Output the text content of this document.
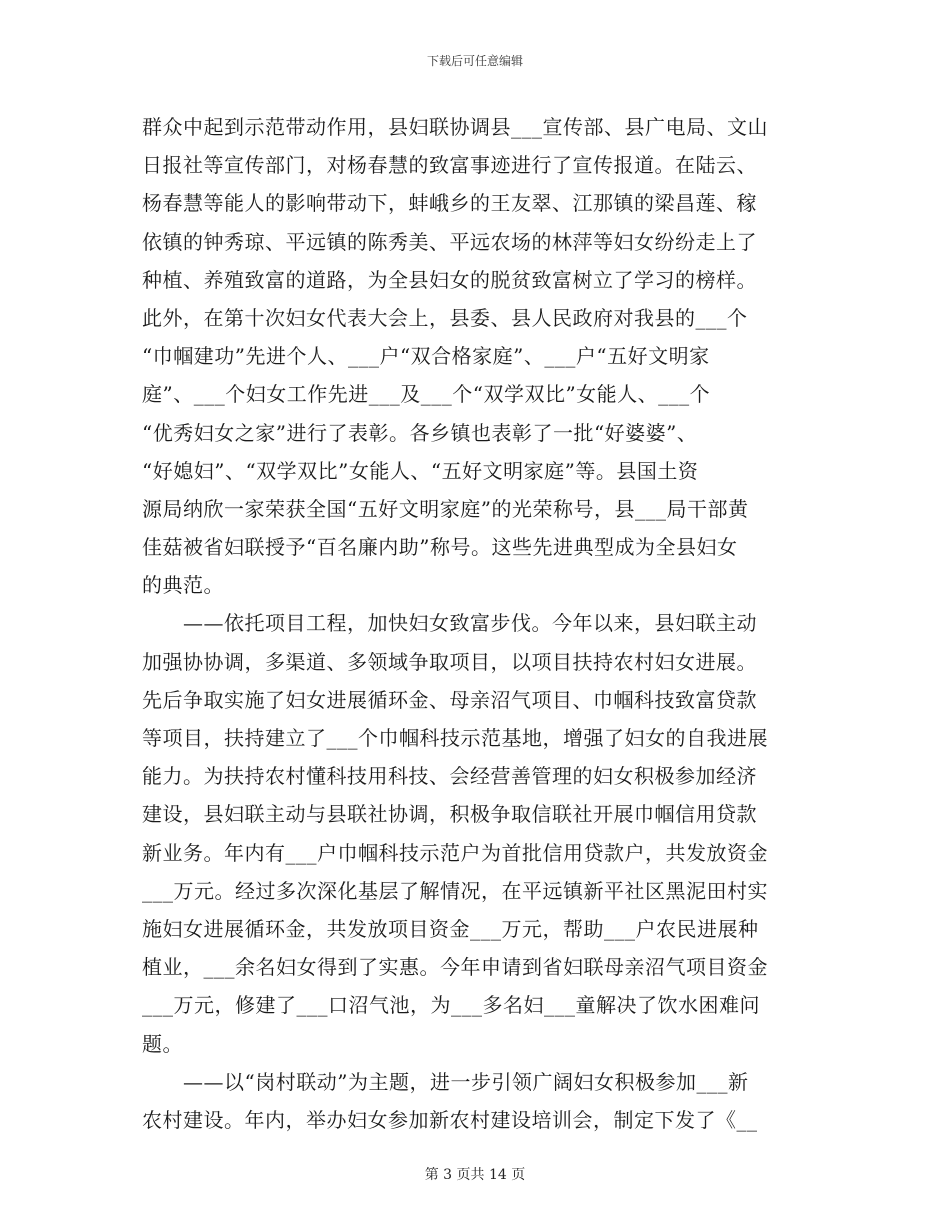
下载后可任意编辑
群众中起到示范带动作用，县妇联协调县___宣传部、县广电局、文山
日报社等宣传部门，对杨春慧的致富事迹进行了宣传报道。在陆云、
杨春慧等能人的影响带动下，蚌峨乡的王友翠、江那镇的梁昌莲、稼
依镇的钟秀琼、平远镇的陈秀美、平远农场的林萍等妇女纷纷走上了
种植、养殖致富的道路，为全县妇女的脱贫致富树立了学习的榜样。
此外，在第十次妇女代表大会上，县委、县人民政府对我县的___个
“巾帼建功”先进个人、___户“双合格家庭”、___户“五好文明家
庭”、___个妇女工作先进___及___个“双学双比”女能人、___个
“优秀妇女之家”进行了表彰。各乡镇也表彰了一批“好婆婆”、
“好媳妇”、“双学双比”女能人、“五好文明家庭”等。县国土资
源局纳欣一家荣获全国“五好文明家庭”的光荣称号，县___局干部黄
佳菇被省妇联授予“百名廉内助”称号。这些先进典型成为全县妇女
的典范。
　　——依托项目工程，加快妇女致富步伐。今年以来，县妇联主动
加强协协调，多渠道、多领域争取项目，以项目扶持农村妇女进展。
先后争取实施了妇女进展循环金、母亲沼气项目、巾帼科技致富贷款
等项目，扶持建立了___个巾帼科技示范基地，增强了妇女的自我进展
能力。为扶持农村懂科技用科技、会经营善管理的妇女积极参加经济
建设，县妇联主动与县联社协调，积极争取信联社开展巾帼信用贷款
新业务。年内有___户巾帼科技示范户为首批信用贷款户，共发放资金
___万元。经过多次深化基层了解情况，在平远镇新平社区黑泥田村实
施妇女进展循环金，共发放项目资金___万元，帮助___户农民进展种
植业，___余名妇女得到了实惠。今年申请到省妇联母亲沼气项目资金
___万元，修建了___口沼气池，为___多名妇___童解决了饮水困难问
题。
　　——以“岗村联动”为主题，进一步引领广阔妇女积极参加___新
农村建设。年内，举办妇女参加新农村建设培训会，制定下发了《__
第 3 页共 14 页
